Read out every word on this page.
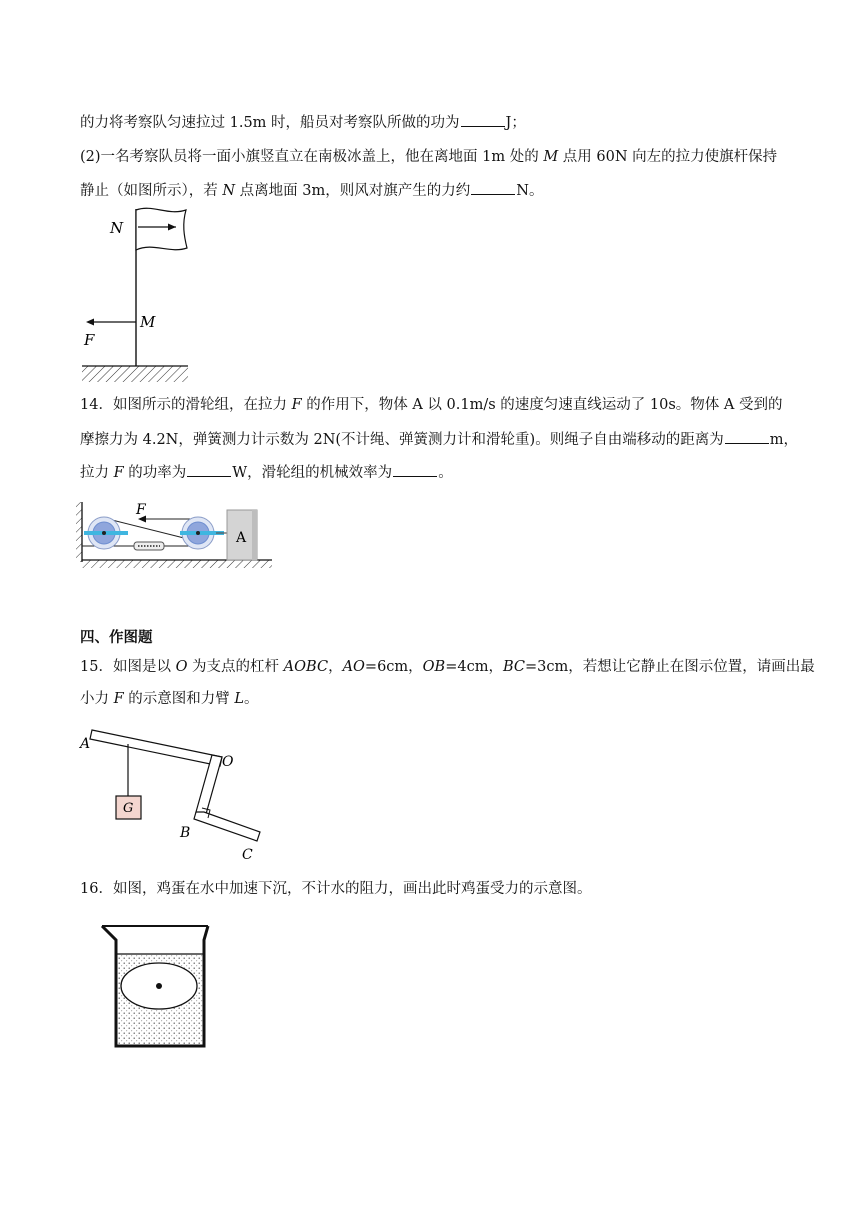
的力将考察队匀速拉过 1.5m 时，船员对考察队所做的功为	J；
(2)一名考察队员将一面小旗竖直立在南极冰盖上，他在离地面 1m 处的 M 点用 60N 向左的拉力使旗杆保持
静止（如图所示），若 N 点离地面 3m，则风对旗产生的力约	N。
N
M
F
14．如图所示的滑轮组，在拉力 F 的作用下，物体 A 以 0.1m/s 的速度匀速直线运动了 10s。物体 A 受到的
摩擦力为 4.2N，弹簧测力计示数为 2N(不计绳、弹簧测力计和滑轮重)。则绳子自由端移动的距离为	m，
拉力 F 的功率为	W，滑轮组的机械效率为	。
A
F
四、作图题
15．如图是以 O 为支点的杠杆 AOBC，AO=6cm，OB=4cm，BC=3cm，若想让它静止在图示位置，请画出最
小力 F 的示意图和力臂 L。
G
A
O
B
C
16．如图，鸡蛋在水中加速下沉，不计水的阻力，画出此时鸡蛋受力的示意图。
